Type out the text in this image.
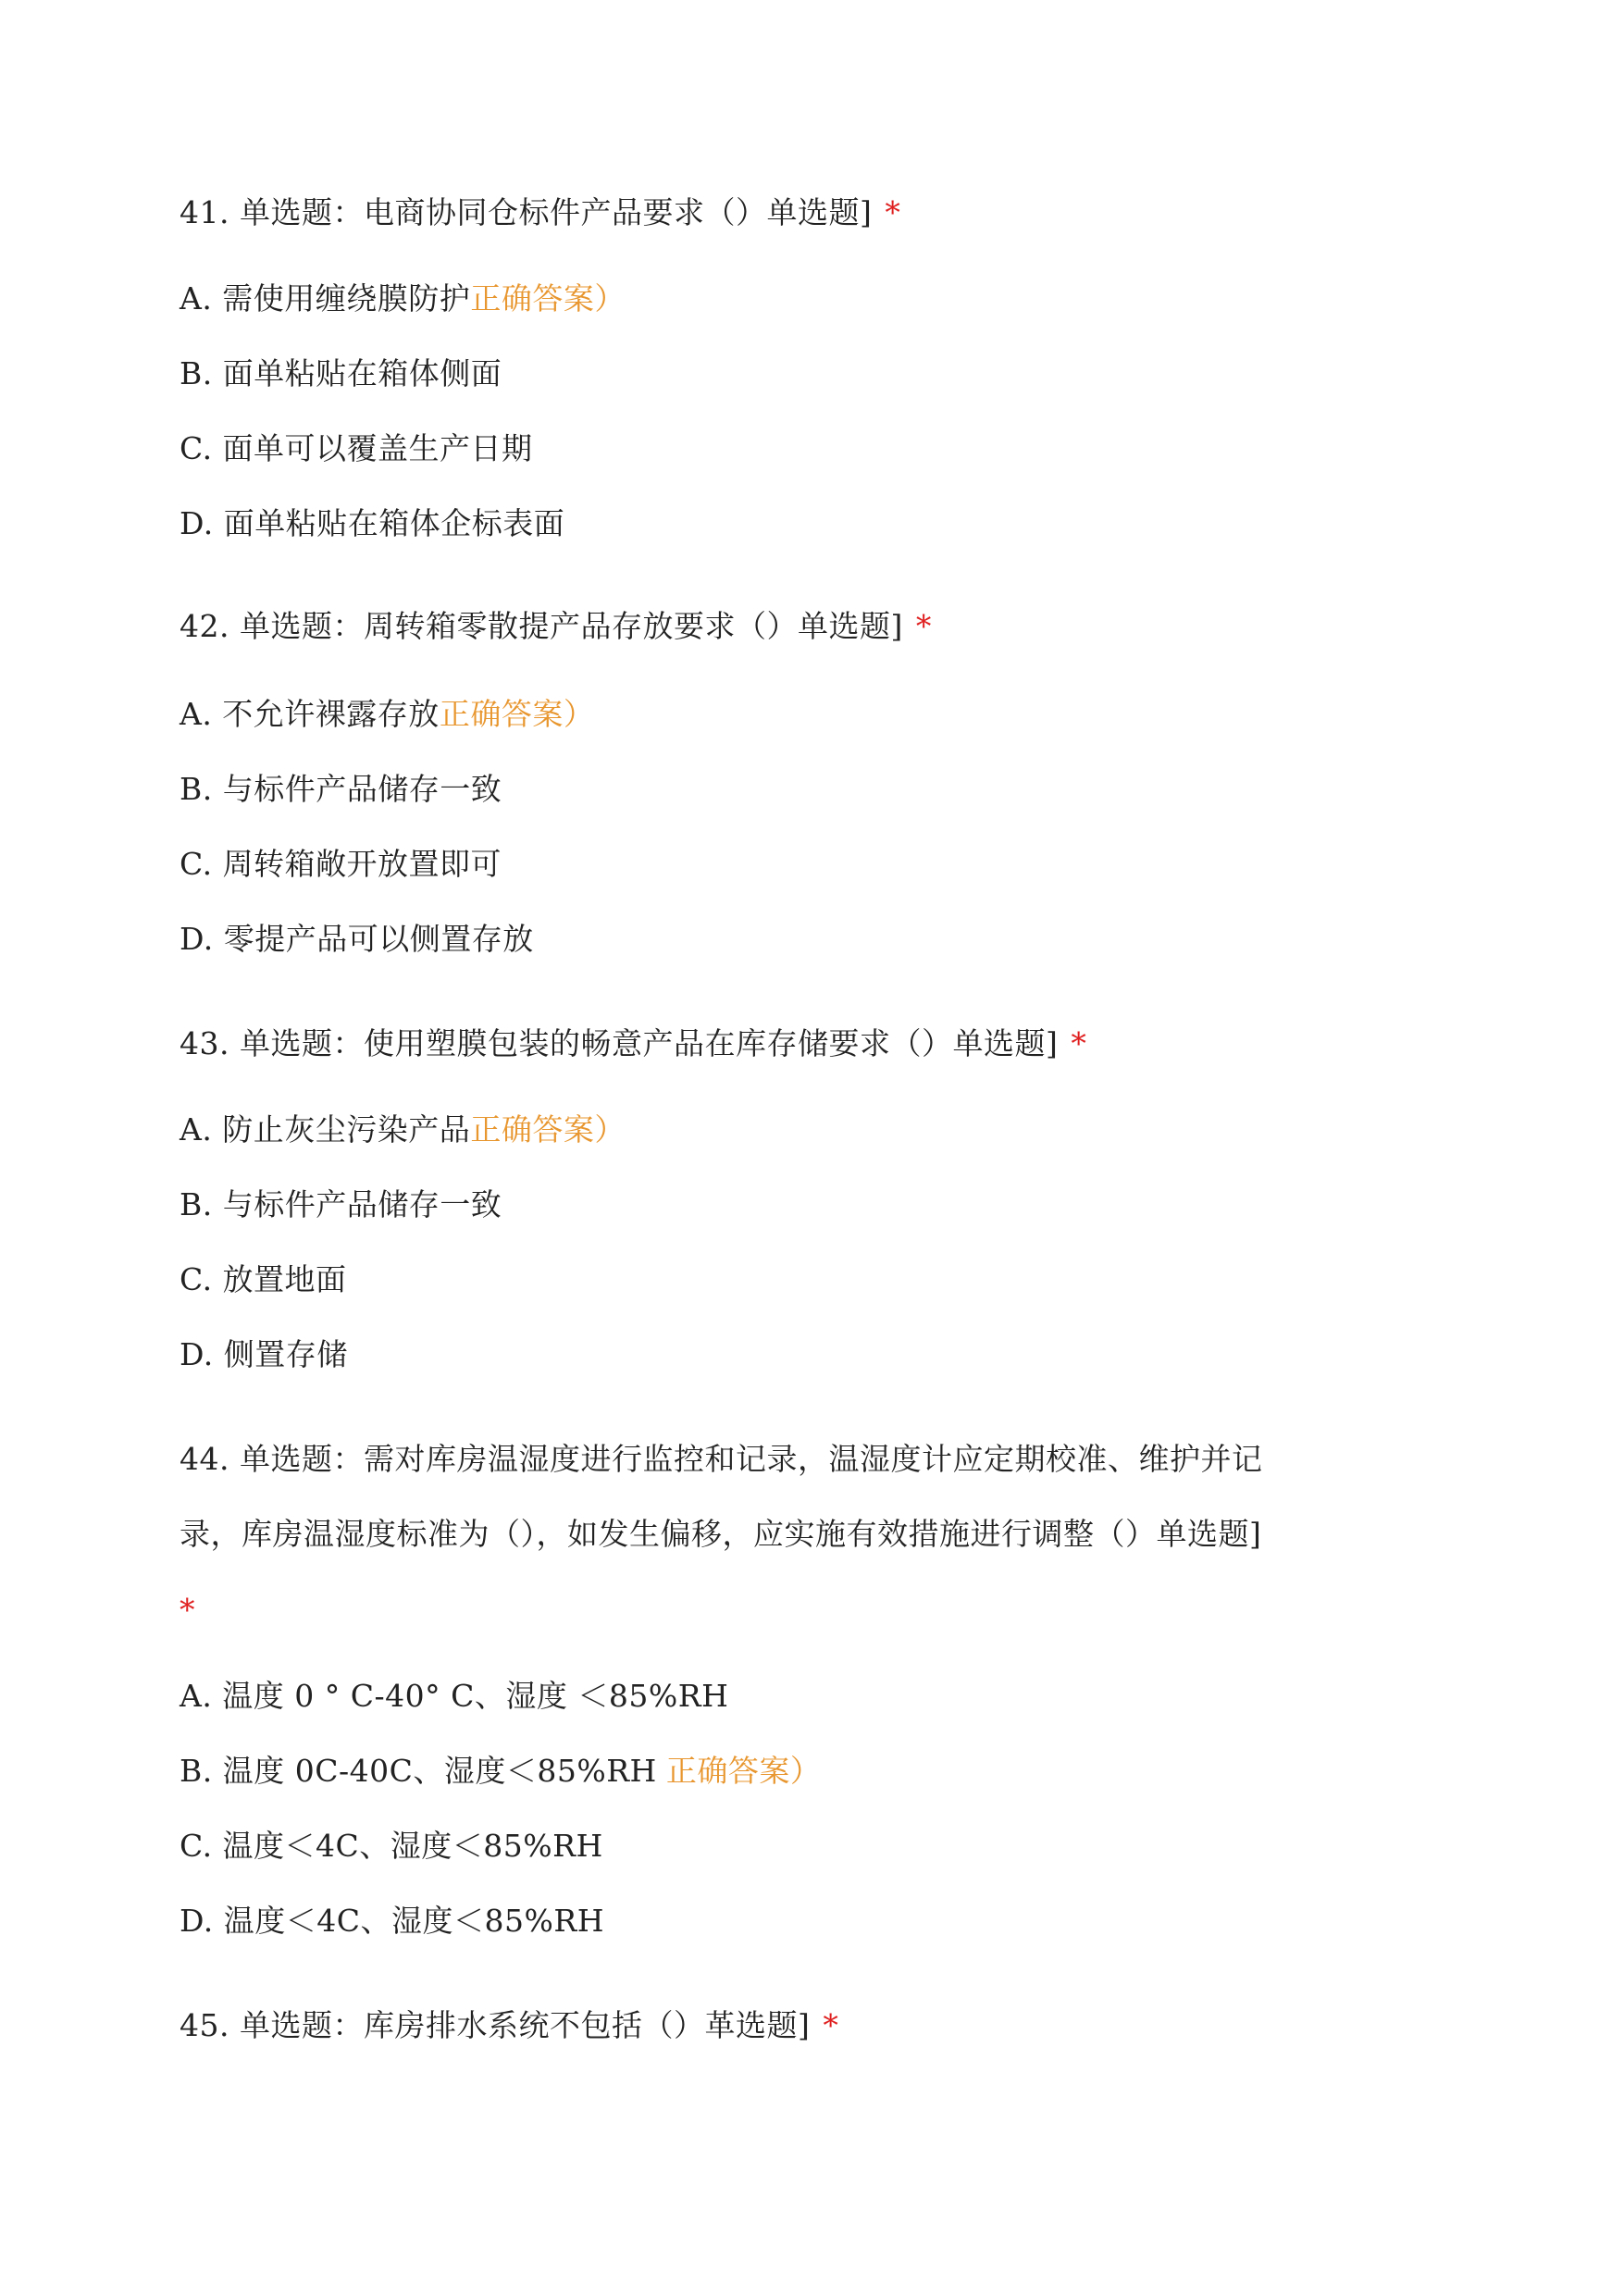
41. 单选题：电商协同仓标件产品要求（）单选题] *
A. 需使用缠绕膜防护正确答案）
B. 面单粘贴在箱体侧面
C. 面单可以覆盖生产日期
D. 面单粘贴在箱体企标表面
42. 单选题：周转箱零散提产品存放要求（）单选题] *
A. 不允许裸露存放正确答案）
B. 与标件产品储存一致
C. 周转箱敞开放置即可
D. 零提产品可以侧置存放
43. 单选题：使用塑膜包装的畅意产品在库存储要求（）单选题] *
A. 防止灰尘污染产品正确答案）
B. 与标件产品储存一致
C. 放置地面
D. 侧置存储
44. 单选题：需对库房温湿度进行监控和记录，温湿度计应定期校准、维护并记
录，库房温湿度标准为（），如发生偏移，应实施有效措施进行调整（）单选题]
*
A. 温度 0 ° C-40° C、湿度 ＜85%RH
B. 温度 0C-40C、湿度＜85%RH 正确答案）
C. 温度＜4C、湿度＜85%RH
D. 温度＜4C、湿度＜85%RH
45. 单选题：库房排水系统不包括（）革选题] *
